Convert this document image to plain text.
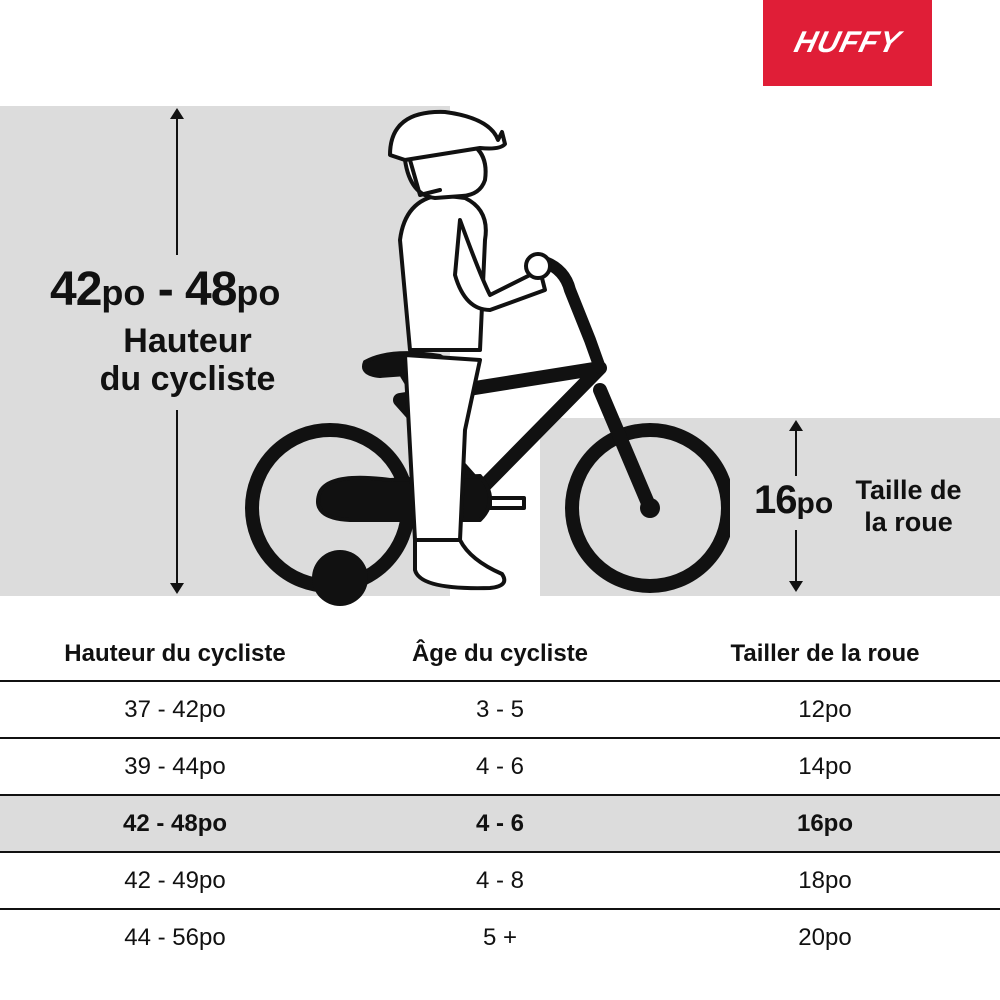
HUFFY
42po - 48po
Hauteur
du cycliste
16po Taille de
la roue
Hauteur du cycliste	Âge du cycliste	Tailler de la roue
37 - 42po	3 - 5	12po
39 - 44po	4 - 6	14po
42 - 48po	4 - 6	16po
42 - 49po	4 - 8	18po
44 - 56po	5 +	20po
